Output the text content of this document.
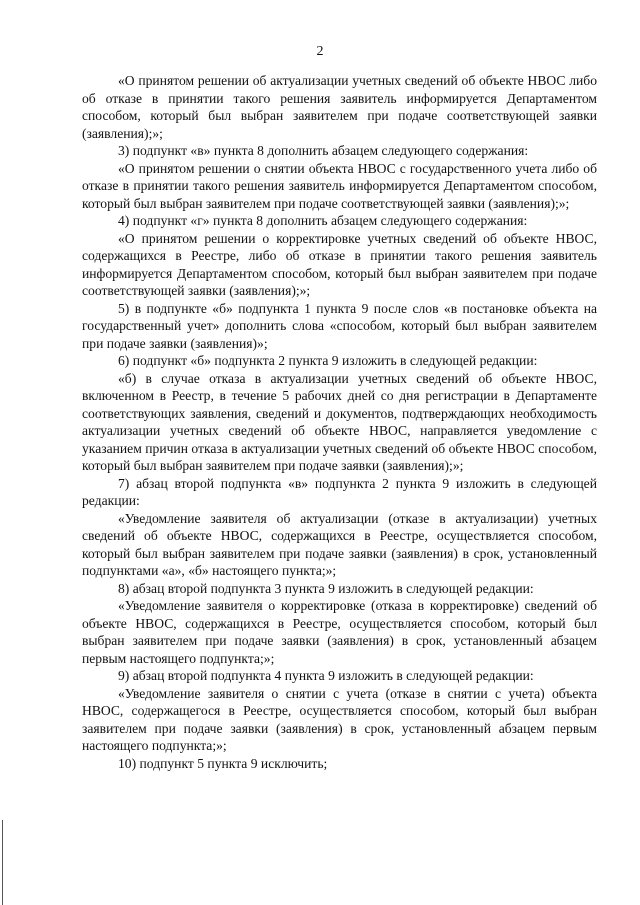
2

«О принятом решении об актуализации учетных сведений об объекте НВОС либо об отказе в принятии такого решения заявитель информируется Департаментом способом, который был выбран заявителем при подаче соответствующей заявки (заявления);»;

3) подпункт «в» пункта 8 дополнить абзацем следующего содержания:

«О принятом решении о снятии объекта НВОС с государственного учета либо об отказе в принятии такого решения заявитель информируется Департаментом способом, который был выбран заявителем при подаче соответствующей заявки (заявления);»;

4) подпункт «г» пункта 8 дополнить абзацем следующего содержания:

«О принятом решении о корректировке учетных сведений об объекте НВОС, содержащихся в Реестре, либо об отказе в принятии такого решения заявитель информируется Департаментом способом, который был выбран заявителем при подаче соответствующей заявки (заявления);»;

5) в подпункте «б» подпункта 1 пункта 9 после слов «в постановке объекта на государственный учет» дополнить слова «способом, который был выбран заявителем при подаче заявки (заявления)»;

6) подпункт «б» подпункта 2 пункта 9 изложить в следующей редакции:

«б) в случае отказа в актуализации учетных сведений об объекте НВОС, включенном в Реестр, в течение 5 рабочих дней со дня регистрации в Департаменте соответствующих заявления, сведений и документов, подтверждающих необходимость актуализации учетных сведений об объекте НВОС, направляется уведомление с указанием причин отказа в актуализации учетных сведений об объекте НВОС способом, который был выбран заявителем при подаче заявки (заявления);»;

7) абзац второй подпункта «в» подпункта 2 пункта 9 изложить в следующей редакции:

«Уведомление заявителя об актуализации (отказе в актуализации) учетных сведений об объекте НВОС, содержащихся в Реестре, осуществляется способом, который был выбран заявителем при подаче заявки (заявления) в срок, установленный подпунктами «а», «б» настоящего пункта;»;

8) абзац второй подпункта 3 пункта 9 изложить в следующей редакции:

«Уведомление заявителя о корректировке (отказа в корректировке) сведений об объекте НВОС, содержащихся в Реестре, осуществляется способом, который был выбран заявителем при подаче заявки (заявления) в срок, установленный абзацем первым настоящего подпункта;»;

9) абзац второй подпункта 4 пункта 9 изложить в следующей редакции:

«Уведомление заявителя о снятии с учета (отказе в снятии с учета) объекта НВОС, содержащегося в Реестре, осуществляется способом, который был выбран заявителем при подаче заявки (заявления) в срок, установленный абзацем первым настоящего подпункта;»;

10) подпункт 5 пункта 9 исключить;
